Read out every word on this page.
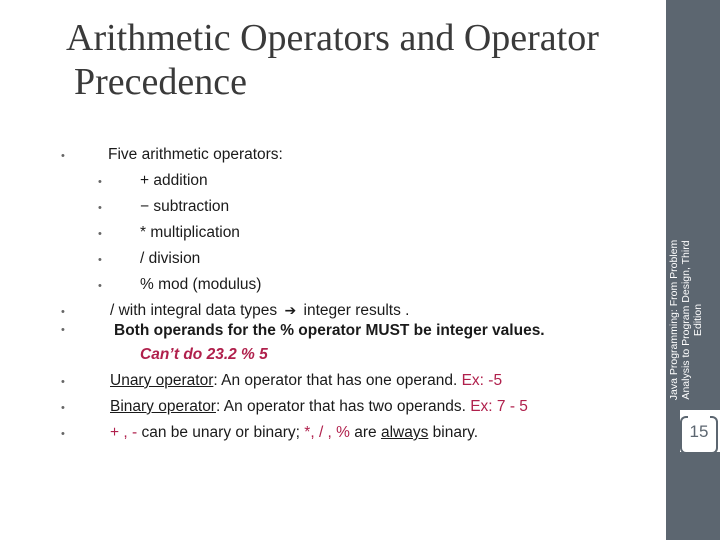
Arithmetic Operators and Operator
Precedence
Java Programming: From Problem Analysis to Program Design, Third Edition
15
•
•
•
•
•
•
•
•
•
•
•
Five arithmetic operators:
+ addition
− subtraction
* multiplication
/ division
% mod (modulus)
/ with integral data types ➔ integer results .
Both operands for the % operator MUST be integer values.
Can’t do 23.2 % 5
Unary operator: An operator that has one operand. Ex: -5
Binary operator: An operator that has two operands. Ex: 7 - 5
+ , - can be unary or binary; *, / , % are always binary.
